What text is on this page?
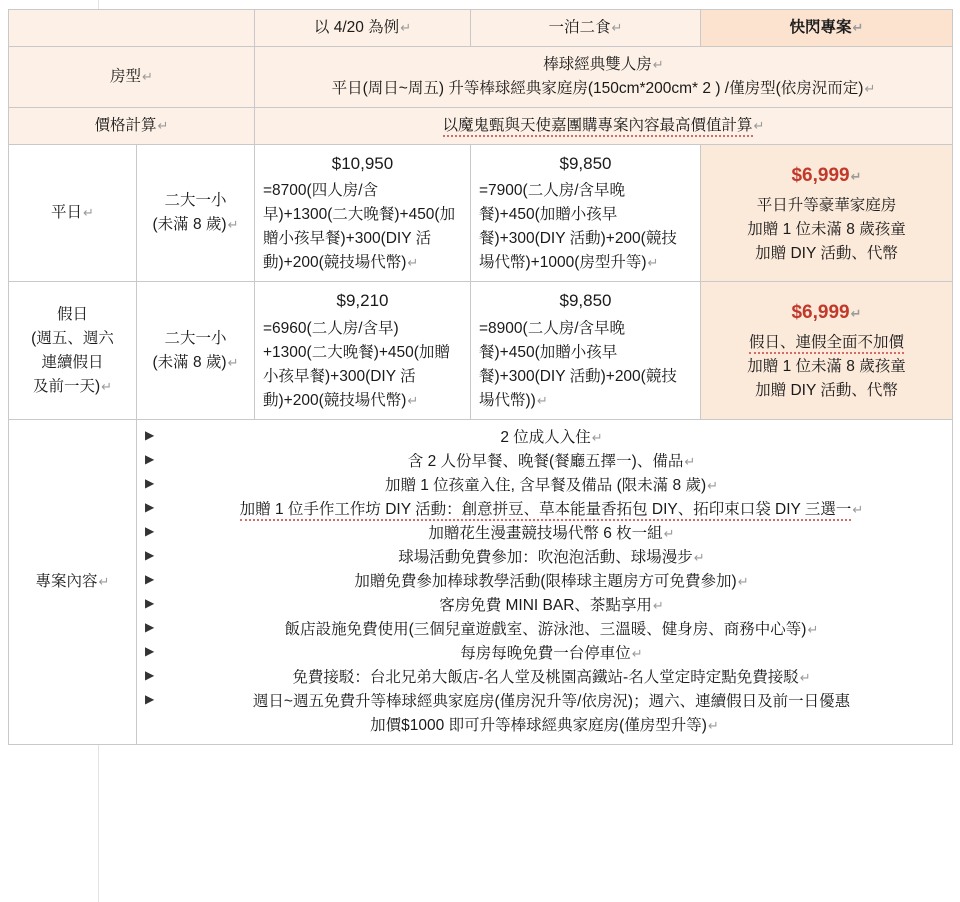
		以 4/20 為例↵	一泊二食↵	快閃專案↵
房型↵		棒球經典雙人房↵
平日(周日~周五) 升等棒球經典家庭房(150cm*200cm* 2 ) /僅房型(依房況而定)↵		

價格計算↵		以魔鬼甄與天使嘉團購專案內容最高價值計算↵		
平日↵	二大一小
(未滿 8 歲)↵	$10,950
=8700(四人房/含早)+1300(二大晚餐)+450(加贈小孩早餐)+300(DIY 活動)+200(競技場代幣)↵	$9,850
=7900(二人房/含早晚餐)+450(加贈小孩早餐)+300(DIY 活動)+200(競技場代幣)+1000(房型升等)↵	$6,999↵
平日升等豪華家庭房
加贈 1 位未滿 8 歲孩童
加贈 DIY 活動、代幣

假日
(週五、週六
連續假日
及前一天)↵	二大一小
(未滿 8 歲)↵	$9,210
=6960(二人房/含早) +1300(二大晚餐)+450(加贈小孩早餐)+300(DIY 活動)+200(競技場代幣)↵	$9,850
=8900(二人房/含早晚餐)+450(加贈小孩早餐)+300(DIY 活動)+200(競技場代幣))↵	$6,999↵
假日、連假全面不加價
加贈 1 位未滿 8 歲孩童
加贈 DIY 活動、代幣

專案內容↵	
▶	2 位成人入住↵
▶	含 2 人份早餐、晚餐(餐廳五擇一)、備品↵
▶	加贈 1 位孩童入住, 含早餐及備品 (限未滿 8 歲)↵
▶	加贈 1 位手作工作坊 DIY 活動：創意拼豆、草本能量香拓包 DIY、拓印束口袋 DIY 三選一↵
▶	加贈花生漫畫競技場代幣 6 枚一組↵
▶	球場活動免費參加：吹泡泡活動、球場漫步↵
▶	加贈免費參加棒球教學活動(限棒球主題房方可免費參加)↵
▶	客房免費 MINI BAR、茶點享用↵
▶	飯店設施免費使用(三個兒童遊戲室、游泳池、三溫暖、健身房、商務中心等)↵
▶	每房每晚免費一台停車位↵
▶	免費接駁：台北兄弟大飯店-名人堂及桃園高鐵站-名人堂定時定點免費接駁↵
▶	週日~週五免費升等棒球經典家庭房(僅房況升等/依房況)；週六、連續假日及前一日優惠
加價$1000 即可升等棒球經典家庭房(僅房型升等)↵
